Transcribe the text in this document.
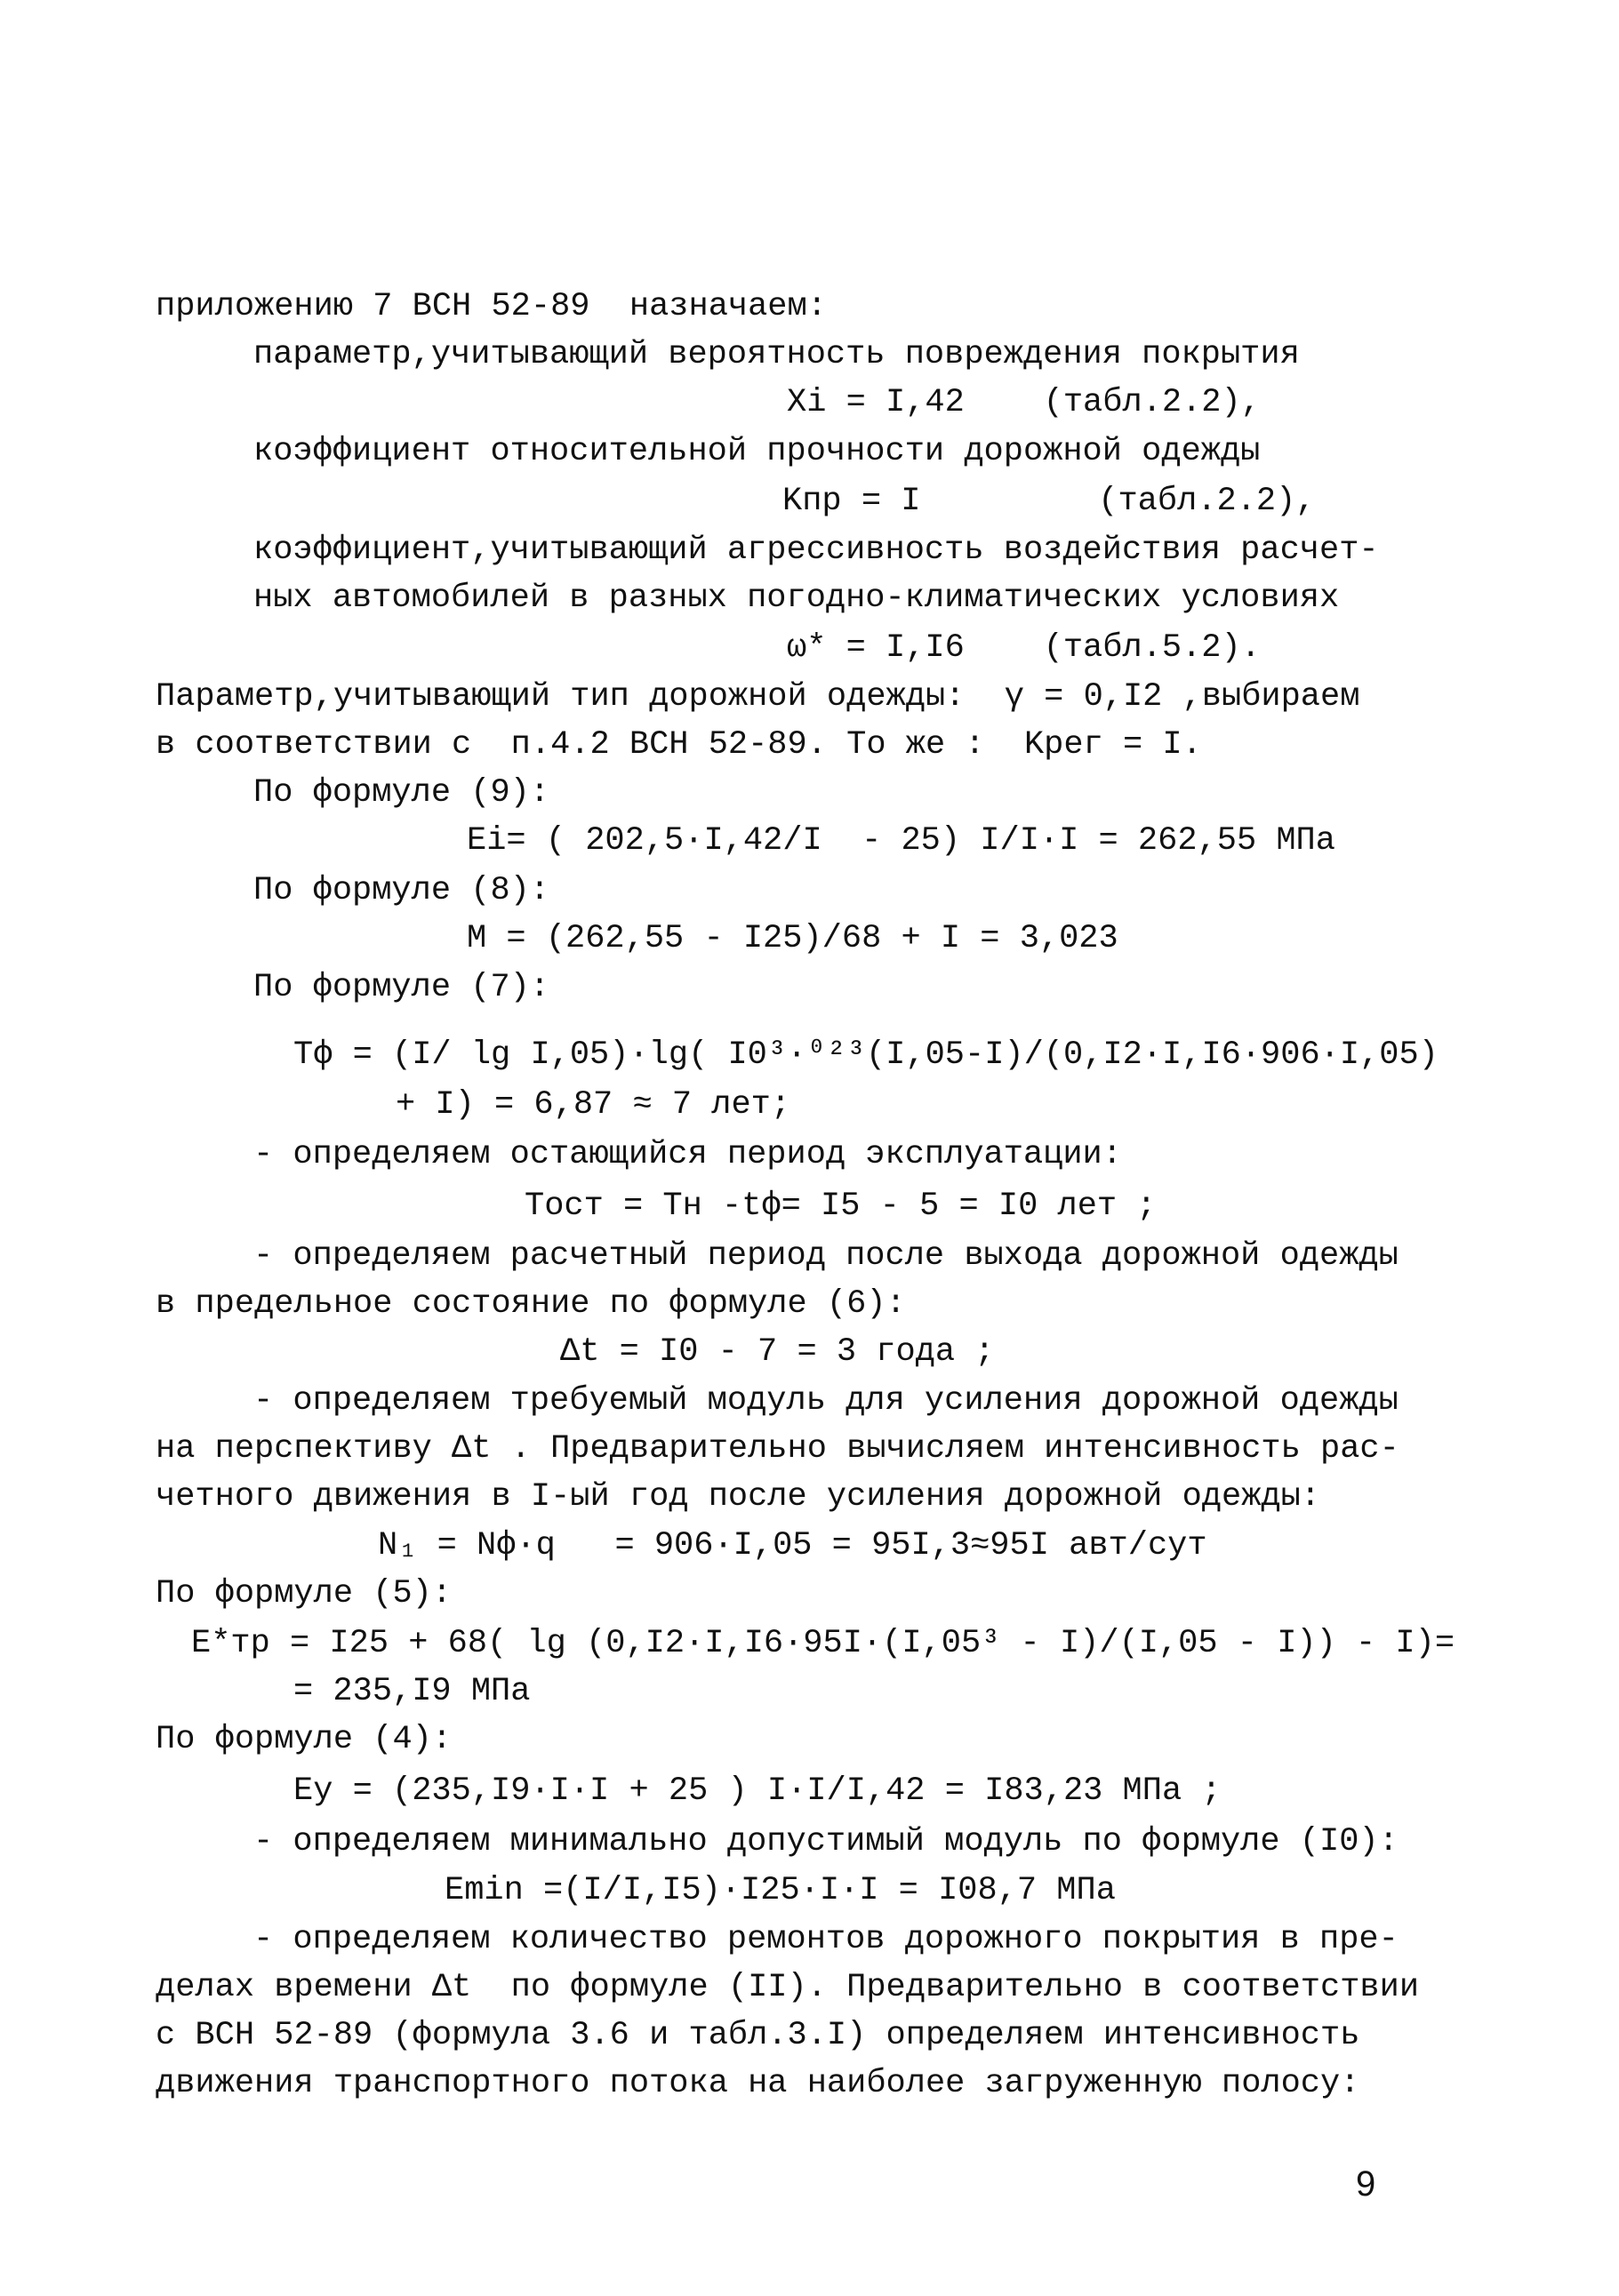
приложению 7 ВСН 52-89  назначаем:
параметр,учитывающий вероятность повреждения покрытия
Xi = I,42    (табл.2.2),
коэффициент относительной прочности дорожной одежды
Kпр = I         (табл.2.2),
коэффициент,учитывающий агрессивность воздействия расчет-
ных автомобилей в разных погодно-климатических условиях
ω* = I,I6    (табл.5.2).
Параметр,учитывающий тип дорожной одежды:  γ = 0,I2 ,выбираем
в соответствии с  п.4.2 ВСН 52-89. То же :  Kрег = I.
По формуле (9):
Ei= ( 202,5·I,42/I  - 25) I/I·I = 262,55 МПа
По формуле (8):
M = (262,55 - I25)/68 + I = 3,023
По формуле (7):
Tф = (I/ lg I,05)·lg( I0³·⁰²³(I,05-I)/(0,I2·I,I6·906·I,05)
+ I) = 6,87 ≈ 7 лет;
- определяем остающийся период эксплуатации:
Tост = Tн -tф= I5 - 5 = I0 лет ;
- определяем расчетный период после выхода дорожной одежды
в предельное состояние по формуле (6):
Δt = I0 - 7 = 3 года ;
- определяем требуемый модуль для усиления дорожной одежды
на перспективу Δt . Предварительно вычисляем интенсивность рас-
четного движения в I-ый год после усиления дорожной одежды:
N₁ = Nф·q   = 906·I,05 = 95I,3≈95I авт/сут
По формуле (5):
E*тр = I25 + 68( lg (0,I2·I,I6·95I·(I,05³ - I)/(I,05 - I)) - I)=
= 235,I9 МПа
По формуле (4):
Eу = (235,I9·I·I + 25 ) I·I/I,42 = I83,23 МПа ;
- определяем минимально допустимый модуль по формуле (I0):
Emin =(I/I,I5)·I25·I·I = I08,7 МПа
- определяем количество ремонтов дорожного покрытия в пре-
делах времени Δt  по формуле (II). Предварительно в соответствии
с ВСН 52-89 (формула 3.6 и табл.3.I) определяем интенсивность
движения транспортного потока на наиболее загруженную полосу:
9
